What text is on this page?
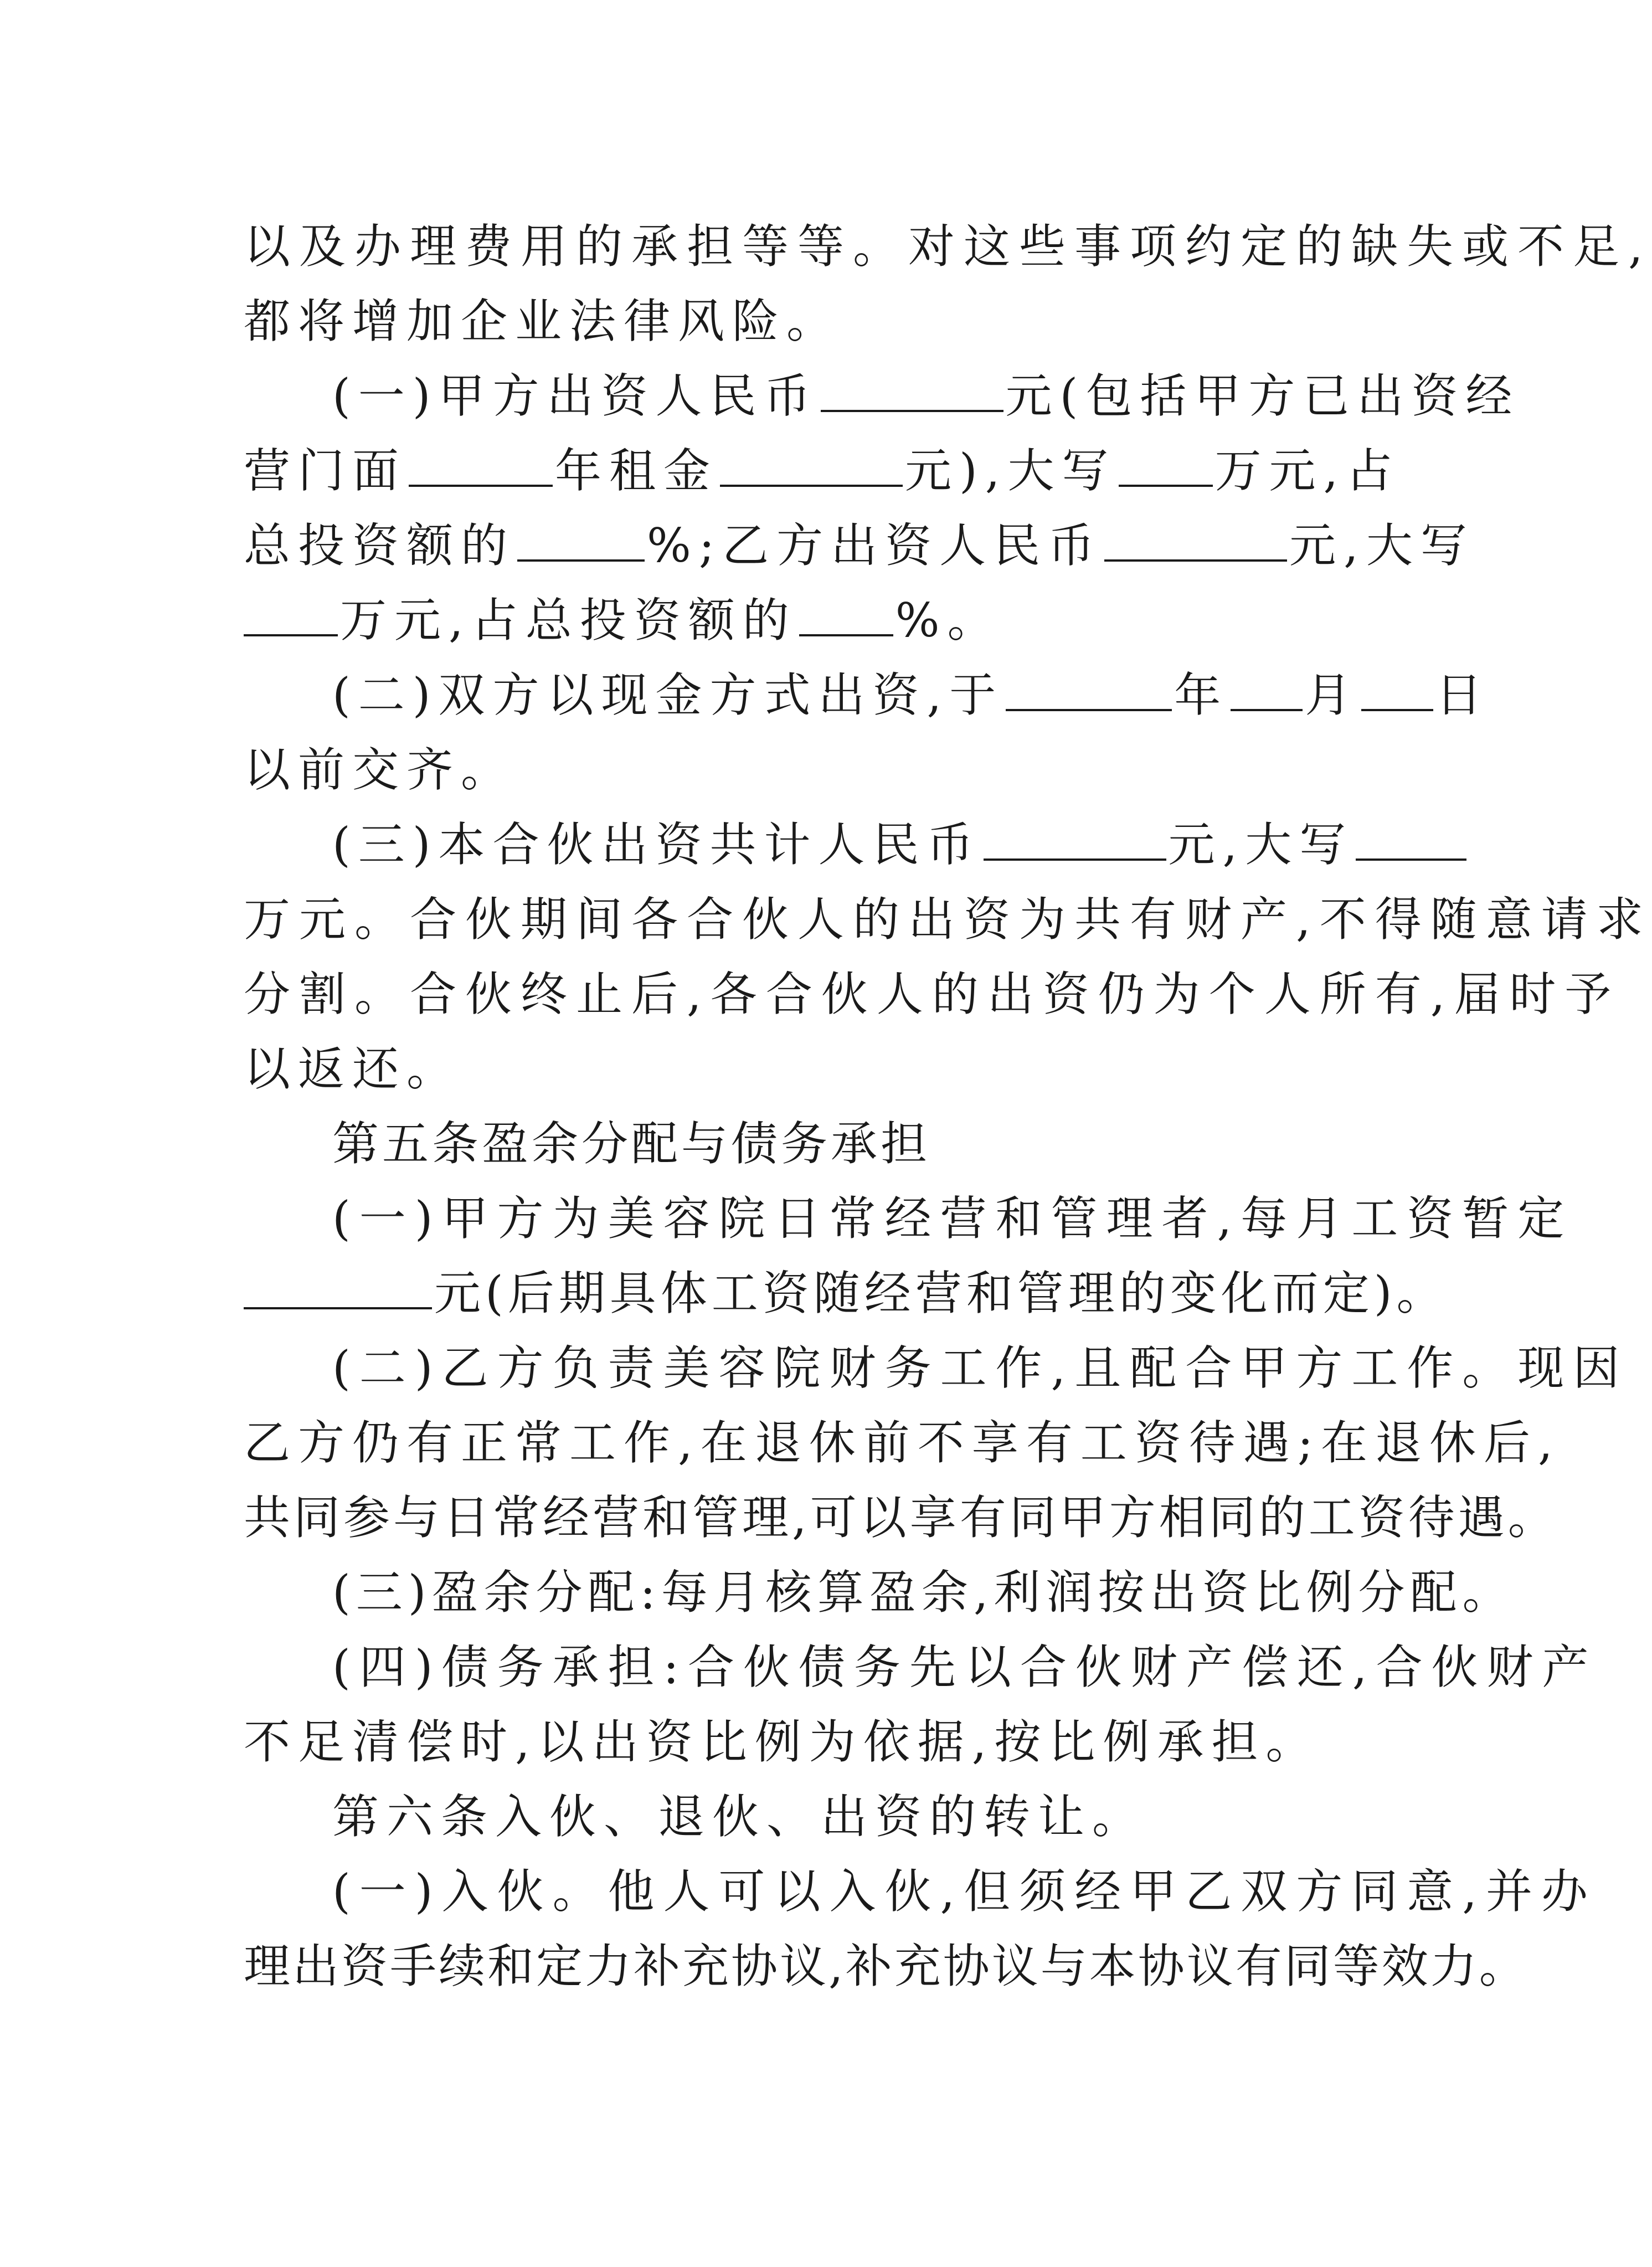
以及办理费用的承担等等。对这些事项约定的缺失或不足,
都将增加企业法律风险。
(一)甲方出资人民币	元(包括甲方已出资经
营门面	年租金	元),大写 万元,占
总投资额的	%;乙方出资人民币	元,大写
万元,占总投资额的 %。
(二)双方以现金方式出资,于	年 月 日
以前交齐。
(三)本合伙出资共计人民币	元,大写
万元。合伙期间各合伙人的出资为共有财产,不得随意请求
分割。合伙终止后,各合伙人的出资仍为个人所有,届时予
以返还。
第五条盈余分配与债务承担
(一)甲方为美容院日常经营和管理者,每月工资暂定
元(后期具体工资随经营和管理的变化而定)。
(二)乙方负责美容院财务工作,且配合甲方工作。现因
乙方仍有正常工作,在退休前不享有工资待遇;在退休后,
共同参与日常经营和管理,可以享有同甲方相同的工资待遇。
(三)盈余分配:每月核算盈余,利润按出资比例分配。
(四)债务承担:合伙债务先以合伙财产偿还,合伙财产
不足清偿时,以出资比例为依据,按比例承担。
第六条入伙、退伙、出资的转让。
(一)入伙。他人可以入伙,但须经甲乙双方同意,并办
理出资手续和定力补充协议,补充协议与本协议有同等效力。
